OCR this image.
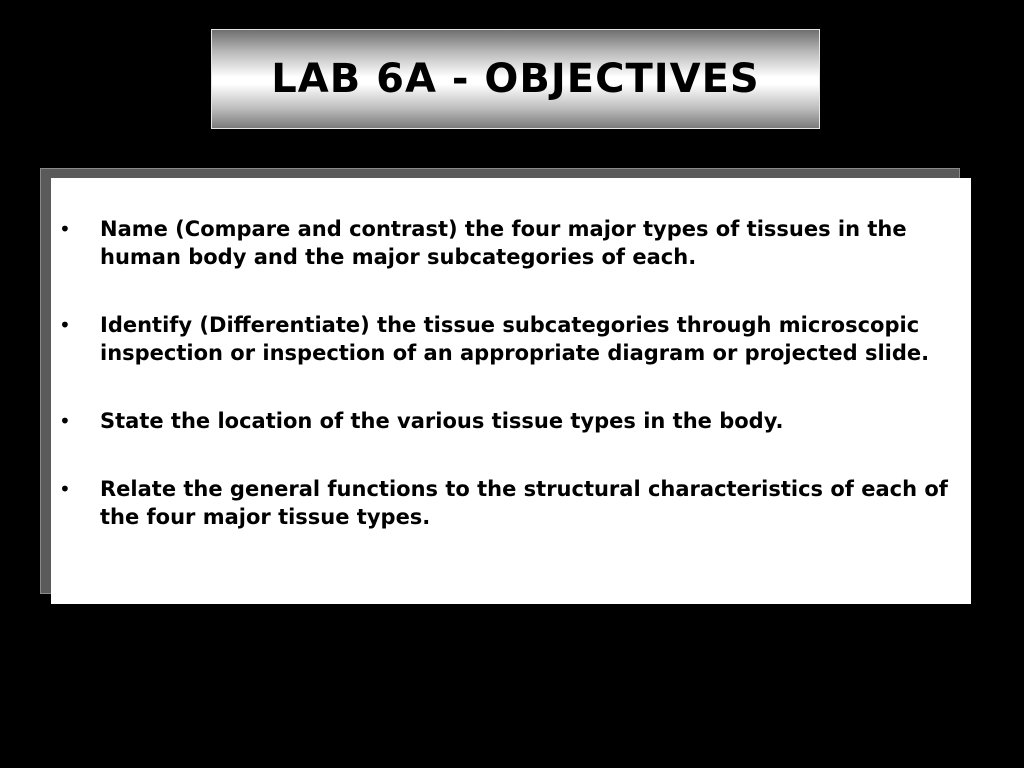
LAB 6A - OBJECTIVES
•	Name (Compare and contrast) the four major types of tissues in the human body and the major subcategories of each.
•	Identify (Differentiate) the tissue subcategories through microscopic inspection or inspection of an appropriate diagram or projected slide.
•	State the location of the various tissue types in the body.
•	Relate the general functions to the structural characteristics of each of the four major tissue types.
